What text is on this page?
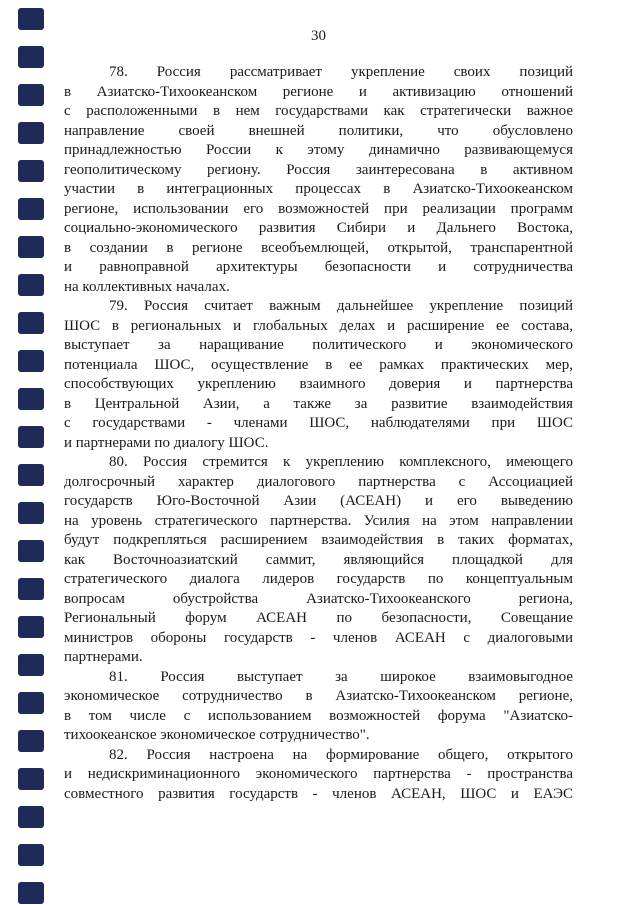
30
78. Россия рассматривает укрепление своих позиций
в Азиатско-Тихоокеанском регионе и активизацию отношений
с расположенными в нем государствами как стратегически важное
направление своей внешней политики, что обусловлено
принадлежностью России к этому динамично развивающемуся
геополитическому региону. Россия заинтересована в активном
участии в интеграционных процессах в Азиатско-Тихоокеанском
регионе, использовании его возможностей при реализации программ
социально-экономического развития Сибири и Дальнего Востока,
в создании в регионе всеобъемлющей, открытой, транспарентной
и равноправной архитектуры безопасности и сотрудничества
на коллективных началах.
79. Россия считает важным дальнейшее укрепление позиций
ШОС в региональных и глобальных делах и расширение ее состава,
выступает за наращивание политического и экономического
потенциала ШОС, осуществление в ее рамках практических мер,
способствующих укреплению взаимного доверия и партнерства
в Центральной Азии, а также за развитие взаимодействия
с государствами - членами ШОС, наблюдателями при ШОС
и партнерами по диалогу ШОС.
80. Россия стремится к укреплению комплексного, имеющего
долгосрочный характер диалогового партнерства с Ассоциацией
государств Юго-Восточной Азии (АСЕАН) и его выведению
на уровень стратегического партнерства. Усилия на этом направлении
будут подкрепляться расширением взаимодействия в таких форматах,
как Восточноазиатский саммит, являющийся площадкой для
стратегического диалога лидеров государств по концептуальным
вопросам обустройства Азиатско-Тихоокеанского региона,
Региональный форум АСЕАН по безопасности, Совещание
министров обороны государств - членов АСЕАН с диалоговыми
партнерами.
81. Россия выступает за широкое взаимовыгодное
экономическое сотрудничество в Азиатско-Тихоокеанском регионе,
в том числе с использованием возможностей форума "Азиатско-
тихоокеанское экономическое сотрудничество".
82. Россия настроена на формирование общего, открытого
и недискриминационного экономического партнерства - пространства
совместного развития государств - членов АСЕАН, ШОС и ЕАЭС
